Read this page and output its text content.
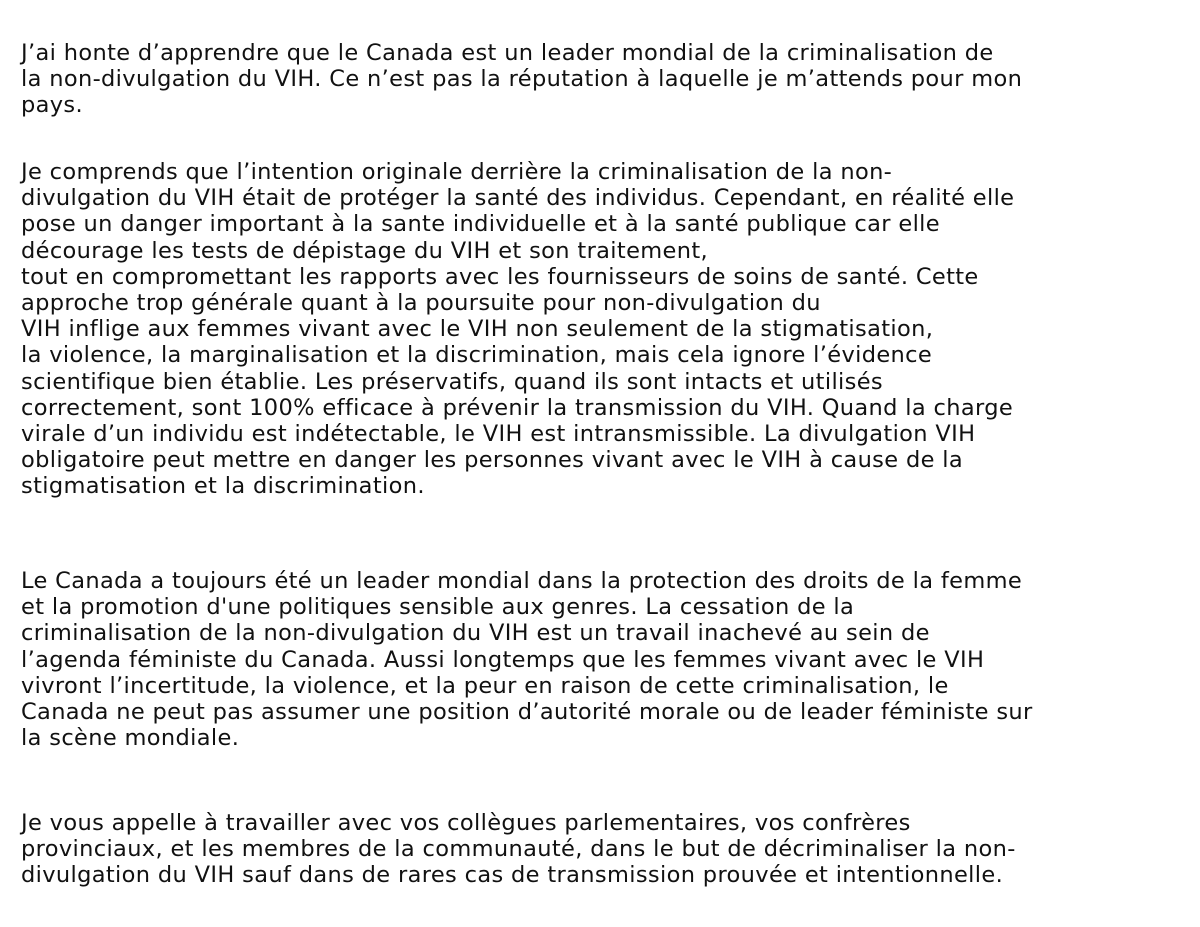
J’ai honte d’apprendre que le Canada est un leader mondial de la criminalisation de
la non-divulgation du VIH. Ce n’est pas la réputation à laquelle je m’attends pour mon
pays.
Je comprends que l’intention originale derrière la criminalisation de la non-
divulgation du VIH était de protéger la santé des individus. Cependant, en réalité elle
pose un danger important à la sante individuelle et à la santé publique car elle
décourage les tests de dépistage du VIH et son traitement,
tout en compromettant les rapports avec les fournisseurs de soins de santé. Cette
approche trop générale quant à la poursuite pour non-divulgation du
VIH inflige aux femmes vivant avec le VIH non seulement de la stigmatisation,
la violence, la marginalisation et la discrimination, mais cela ignore l’évidence
scientifique bien établie. Les préservatifs, quand ils sont intacts et utilisés
correctement, sont 100% efficace à prévenir la transmission du VIH. Quand la charge
virale d’un individu est indétectable, le VIH est intransmissible. La divulgation VIH
obligatoire peut mettre en danger les personnes vivant avec le VIH à cause de la
stigmatisation et la discrimination.
Le Canada a toujours été un leader mondial dans la protection des droits de la femme
et la promotion d'une politiques sensible aux genres. La cessation de la
criminalisation de la non-divulgation du VIH est un travail inachevé au sein de
l’agenda féministe du Canada. Aussi longtemps que les femmes vivant avec le VIH
vivront l’incertitude, la violence, et la peur en raison de cette criminalisation, le
Canada ne peut pas assumer une position d’autorité morale ou de leader féministe sur
la scène mondiale.
Je vous appelle à travailler avec vos collègues parlementaires, vos confrères
provinciaux, et les membres de la communauté, dans le but de décriminaliser la non-
divulgation du VIH sauf dans de rares cas de transmission prouvée et intentionnelle.
